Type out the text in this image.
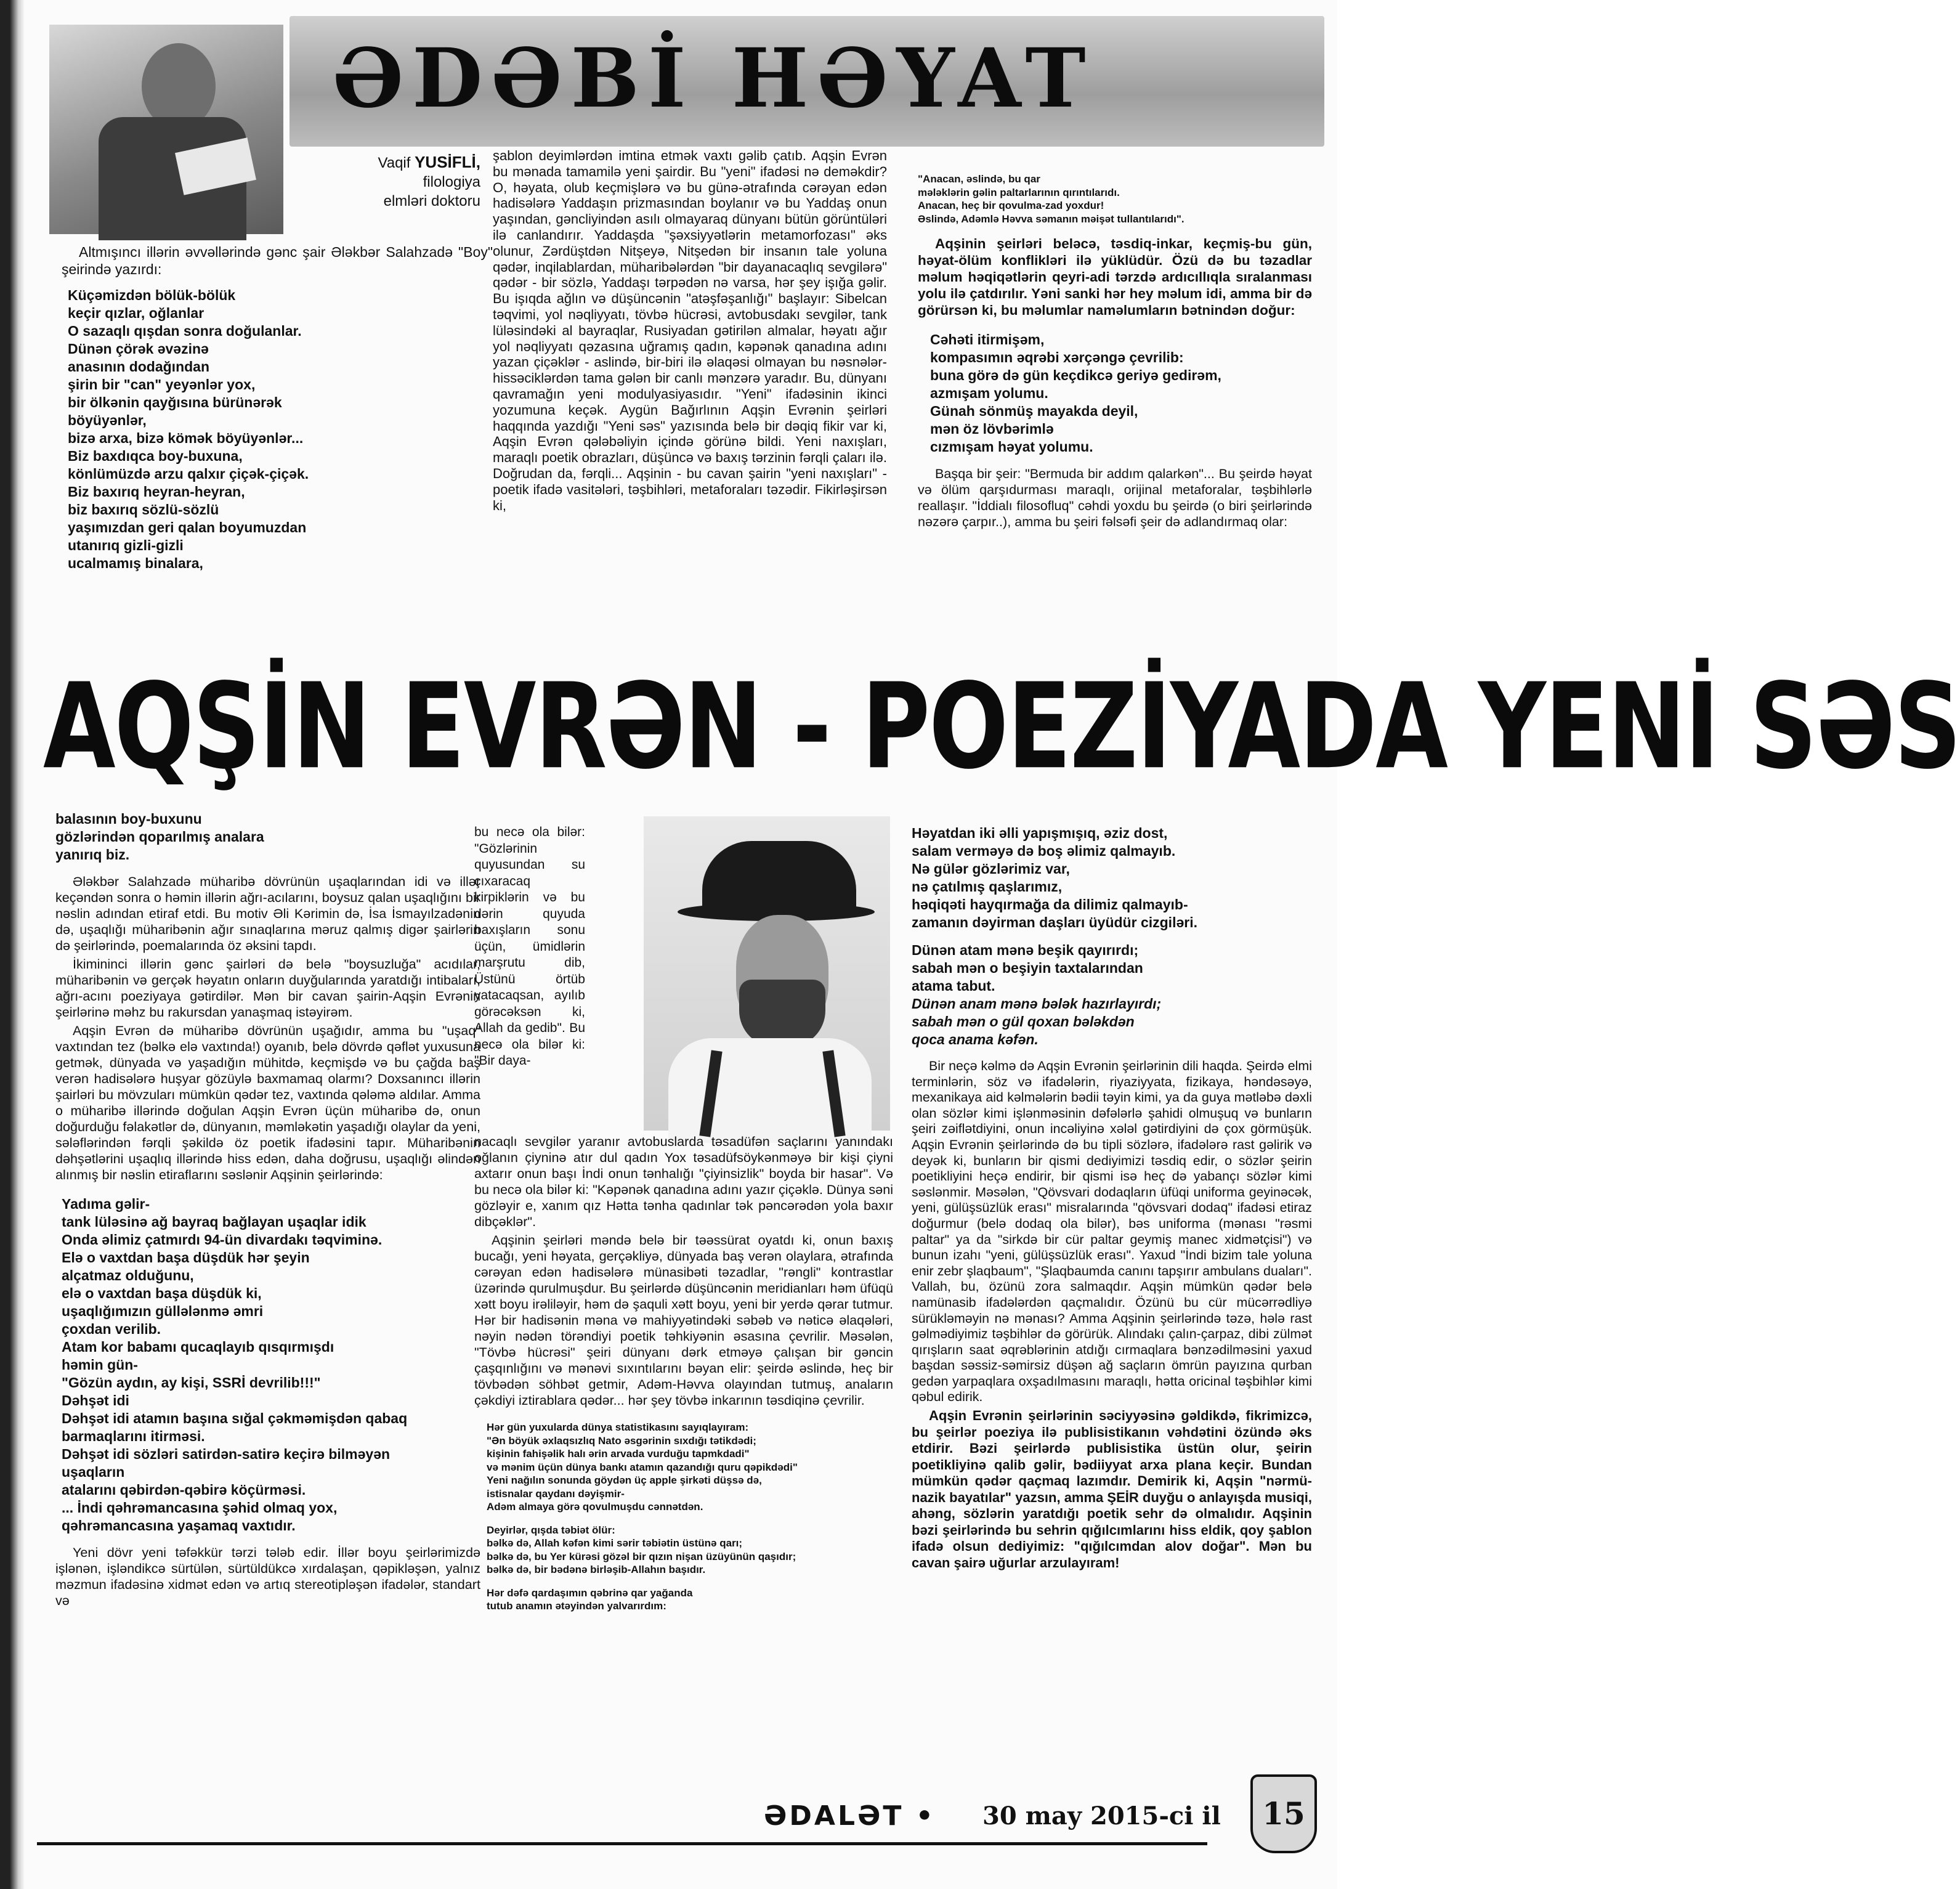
f
z
ə
v
-
l
-
n
i
-
i
J
ƏDƏBİ HƏYAT
Vaqif YUSİFLİ,
filologiya
elmləri doktoru

Altmışıncı illərin əvvəllərində gənc şair Ələkbər Salahzadə "Boy" şeirində yazırdı:

Küçəmizdən bölük-bölük

keçir qızlar, oğlanlar

O sazaqlı qışdan sonra doğulanlar.

Dünən çörək əvəzinə

anasının dodağından

şirin bir "can" yeyənlər yox,

bir ölkənin qayğısına bürünərək

böyüyənlər,

bizə arxa, bizə kömək böyüyənlər...

Biz baxdıqca boy-buxuna,

könlümüzdə arzu qalxır çiçək-çiçək.

Biz baxırıq heyran-heyran,

biz baxırıq sözlü-sözlü

yaşımızdan geri qalan boyumuzdan

utanırıq gizli-gizli

ucalmamış binalara,

şablon deyimlərdən imtina etmək vaxtı gəlib çatıb. Aqşin Evrən bu mənada tamamilə yeni şairdir. Bu "yeni" ifadəsi nə deməkdir? O, həyata, olub keçmişlərə və bu günə-ətrafında cərəyan edən hadisələrə Yaddaşın prizmasından boylanır və bu Yaddaş onun yaşından, gəncliyindən asılı olmayaraq dünyanı bütün görüntüləri ilə canlandırır. Yaddaşda "şəxsiyyətlərin metamorfozası" əks olunur, Zərdüştdən Nitşeyə, Nitşedən bir insanın tale yoluna qədər, inqilablardan, müharibələrdən "bir dayanacaqlıq sevgilərə" qədər - bir sözlə, Yaddaşı tərpədən nə varsa, hər şey işığa gəlir. Bu işıqda ağlın və düşüncənin "atəşfəşanlığı" başlayır: Sibelcan təqvimi, yol nəqliyyatı, tövbə hücrəsi, avtobusdakı sevgilər, tank lüləsindəki al bayraqlar, Rusiyadan gətirilən almalar, həyatı ağır yol nəqliyyatı qəzasına uğramış qadın, kəpənək qanadına adını yazan çiçəklər - aslində, bir-biri ilə əlaqəsi olmayan bu nəsnələr-hissəciklərdən tama gələn bir canlı mənzərə yaradır. Bu, dünyanı qavramağın yeni modulyasiyasıdır. "Yeni" ifadəsinin ikinci yozumuna keçək. Aygün Bağırlının Aqşin Evrənin şeirləri haqqında yazdığı "Yeni səs" yazısında belə bir dəqiq fikir var ki, Aqşin Evrən qələbəliyin içində görünə bildi. Yeni naxışları, maraqlı poetik obrazları, düşüncə və baxış tərzinin fərqli çaları ilə. Doğrudan da, fərqli... Aqşinin - bu cavan şairin "yeni naxışları" - poetik ifadə vasitələri, təşbihləri, metaforaları təzədir. Fikirləşirsən ki,

"Anacan, əslində, bu qar

mələklərin gəlin paltarlarının qırıntılarıdı.

Anacan, heç bir qovulma-zad yoxdur!

Əslində, Adəmlə Həvva səmanın məişət tullantılarıdı".

Aqşinin şeirləri beləcə, təsdiq-inkar, keçmiş-bu gün, həyat-ölüm konflikləri ilə yüklüdür. Özü də bu təzadlar məlum həqiqətlərin qeyri-adi tərzdə ardıcıllıqla sıralanması yolu ilə çatdırılır. Yəni sanki hər hey məlum idi, amma bir də görürsən ki, bu məlumlar naməlumların bətnindən doğur:

Cəhəti itirmişəm,

kompasımın əqrəbi xərçəngə çevrilib:

buna görə də gün keçdikcə geriyə gedirəm,

azmışam yolumu.

Günah sönmüş mayakda deyil,

mən öz lövbərimlə

cızmışam həyat yolumu.

Başqa bir şeir: "Bermuda bir addım qalarkən"... Bu şeirdə həyat və ölüm qarşıdurması maraqlı, orijinal metaforalar, təşbihlərlə reallaşır. "İddialı filosofluq" cəhdi yoxdu bu şeirdə (o biri şeirlərində nəzərə çarpır..), amma bu şeiri fəlsəfi şeir də adlandırmaq olar:

AQŞİN EVRƏN - POEZİYADA YENİ SƏS

balasının boy-buxunu

gözlərindən qoparılmış analara

yanırıq biz.

Ələkbər Salahzadə müharibə dövrünün uşaqlarından idi və illər keçəndən sonra o həmin illərin ağrı-acılarını, boysuz qalan uşaqlığını bir nəslin adından etiraf etdi. Bu motiv Əli Kərimin də, İsa İsmayılzadənin də, uşaqlığı müharibənin ağır sınaqlarına məruz qalmış digər şairlərin də şeirlərində, poemalarında öz əksini tapdı.

İkimininci illərin gənc şairləri də belə "boysuzluğa" acıdılar, müharibənin və gerçək həyatın onların duyğularında yaratdığı intibaları, ağrı-acını poeziyaya gətirdilər. Mən bir cavan şairin-Aqşin Evrənin şeirlərinə məhz bu rakursdan yanaşmaq istəyirəm.

Aqşin Evrən də müharibə dövrünün uşağıdır, amma bu "uşaq" vaxtından tez (bəlkə elə vaxtında!) oyanıb, belə dövrdə qəflət yuxusuna getmək, dünyada və yaşadığın mühitdə, keçmişdə və bu çağda baş verən hadisələrə huşyar gözüylə baxmamaq olarmı? Doxsanıncı illərin şairləri bu mövzuları mümkün qədər tez, vaxtında qələmə aldılar. Amma o müharibə illərində doğulan Aqşin Evrən üçün müharibə də, onun doğurduğu fəlakətlər də, dünyanın, məmləkətin yaşadığı olaylar da yeni, sələflərindən fərqli şəkildə öz poetik ifadəsini tapır. Müharibənin dəhşətlərini uşaqlıq illərində hiss edən, daha doğrusu, uşaqlığı əlindən alınmış bir nəslin etiraflarını səslənir Aqşinin şeirlərində:

Yadıma gəlir-

tank lüləsinə ağ bayraq bağlayan uşaqlar idik

Onda əlimiz çatmırdı 94-ün divardakı təqviminə.

Elə o vaxtdan başa düşdük hər şeyin

alçatmaz olduğunu,

elə o vaxtdan başa düşdük ki,

uşaqlığımızın güllələnmə əmri

çoxdan verilib.

Atam kor babamı qucaqlayıb qısqırmışdı

həmin gün-

"Gözün aydın, ay kişi, SSRİ devrilib!!!"

Dəhşət idi

Dəhşət idi atamın başına sığal çəkməmişdən qabaq

barmaqlarını itirməsi.

Dəhşət idi sözləri satirdən-satirə keçirə bilməyən

uşaqların

atalarını qəbirdən-qəbirə köçürməsi.

... İndi qəhrəmancasına şəhid olmaq yox,

qəhrəmancasına yaşamaq vaxtıdır.

Yeni dövr yeni təfəkkür tərzi tələb edir. İllər boyu şeirlərimizdə işlənən, işləndikcə sürtülən, sürtüldükcə xırdalaşan, qəpikləşən, yalnız məzmun ifadəsinə xidmət edən və artıq stereotipləşən ifadələr, standart və

bu necə ola bilər: "Gözlərinin quyusundan su çıxaracaq kirpiklərin və bu dərin quyuda baxışların sonu üçün, ümidlərin marşrutu dib, Üstünü örtüb yatacaqsan, ayılıb görəcəksən ki, Allah da gedib". Bu necə ola bilər ki: "Bir daya-

nacaqlı sevgilər yaranır avtobuslarda təsadüfən saçlarını yanındakı oğlanın çiyninə atır dul qadın Yox təsadüfsöykənməyə bir kişi çiyni axtarır onun başı İndi onun tənhalığı "çiyinsizlik" boyda bir hasar". Və bu necə ola bilər ki: "Kəpənək qanadına adını yazır çiçəklə. Dünya səni gözləyir e, xanım qız Hətta tənha qadınlar tək pəncərədən yola baxır dibçəklər".

Aqşinin şeirləri məndə belə bir təəssürat oyatdı ki, onun baxış bucağı, yeni həyata, gerçəkliyə, dünyada baş verən olaylara, ətrafında cərəyan edən hadisələrə münasibəti təzadlar, "rəngli" kontrastlar üzərində qurulmuşdur. Bu şeirlərdə düşüncənin meridianları həm üfüqü xətt boyu irəliləyir, həm də şaquli xətt boyu, yeni bir yerdə qərar tutmur. Hər bir hadisənin məna və mahiyyətindəki səbəb və nəticə əlaqələri, nəyin nədən törəndiyi poetik təhkiyənin əsasına çevrilir. Məsələn, "Tövbə hücrəsi" şeiri dünyanı dərk etməyə çalışan bir gəncin çaşqınlığını və mənəvi sıxıntılarını bəyan elir: şeirdə əslində, heç bir tövbədən söhbət getmir, Adəm-Həvva olayından tutmuş, anaların çəkdiyi iztirablara qədər... hər şey tövbə inkarının təsdiqinə çevrilir.

Hər gün yuxularda dünya statistikasını sayıqlayıram:

"Ən böyük əxlaqsızlıq Nato əsgərinin sıxdığı tətikdədi;

kişinin fahişəlik halı ərin arvada vurduğu tapmkdadi"

və mənim üçün dünya bankı atamın qazandığı quru qəpikdədi"

Yeni nağılın sonunda göydən üç apple şirkəti düşsə də,

istisnalar qaydanı dəyişmir-

Adəm almaya görə qovulmuşdu cənnətdən.

Deyirlər, qışda təbiət ölür:

bəlkə də, Allah kəfən kimi sərir təbiətin üstünə qarı;

bəlkə də, bu Yer kürəsi gözəl bir qızın nişan üzüyünün qaşıdır;

bəlkə də, bir bədənə birləşib-Allahın başıdır.

Hər dəfə qardaşımın qəbrinə qar yağanda

tutub anamın ətəyindən yalvarırdım:

Həyatdan iki əlli yapışmışıq, əziz dost,

salam verməyə də boş əlimiz qalmayıb.

Nə gülər gözlərimiz var,

nə çatılmış qaşlarımız,

həqiqəti hayqırmağa da dilimiz qalmayıb-

zamanın dəyirman daşları üyüdür cizgiləri.

Dünən atam mənə beşik qayırırdı;

sabah mən o beşiyin taxtalarından

atama tabut.

Dünən anam mənə bələk hazırlayırdı;

sabah mən o gül qoxan bələkdən

qoca anama kəfən.

Bir neçə kəlmə də Aqşin Evrənin şeirlərinin dili haqda. Şeirdə elmi terminlərin, söz və ifadələrin, riyaziyyata, fizikaya, həndəsəyə, mexanikaya aid kəlmələrin bədii təyin kimi, ya da guya mətləbə dəxli olan sözlər kimi işlənməsinin dəfələrlə şahidi olmuşuq və bunların şeiri zəiflətdiyini, onun incəliyinə xələl gətirdiyini də çox görmüşük. Aqşin Evrənin şeirlərində də bu tipli sözlərə, ifadələrə rast gəlirik və deyək ki, bunların bir qismi dediyimizi təsdiq edir, o sözlər şeirin poetikliyini heçə endirir, bir qismi isə heç də yabançı sözlər kimi səslənmir. Məsələn, "Qövsvari dodaqların üfüqi uniforma geyinəcək, yeni, gülüşsüzlük erası" misralarında "qövsvari dodaq" ifadəsi etiraz doğurmur (belə dodaq ola bilər), bəs uniforma (mənası "rəsmi paltar" ya da "sirkdə bir cür paltar geymiş manec xidmətçisi") və bunun izahı "yeni, gülüşsüzlük erası". Yaxud "İndi bizim tale yoluna enir zebr şlaqbaum", "Şlaqbaumda canını tapşırır ambulans duaları". Vallah, bu, özünü zora salmaqdır. Aqşin mümkün qədər belə namünasib ifadələrdən qaçmalıdır. Özünü bu cür mücərrədliyə sürükləməyin nə mənası? Amma Aqşinin şeirlərində təzə, hələ rast gəlmədiyimiz təşbihlər də görürük. Alındakı çalın-çarpaz, dibi zülmət qırışların saat əqrəblərinin atdığı cırmaqlara bənzədilməsini yaxud başdan səssiz-səmirsiz düşən ağ saçların ömrün payızına qurban gedən yarpaqlara oxşadılmasını maraqlı, hətta oricinal təşbihlər kimi qəbul edirik.

Aqşin Evrənin şeirlərinin səciyyəsinə gəldikdə, fikrimizcə, bu şeirlər poeziya ilə publisistikanın vəhdətini özündə əks etdirir. Bəzi şeirlərdə publisistika üstün olur, şeirin poetikliyinə qalib gəlir, bədiiyyat arxa plana keçir. Bundan mümkün qədər qaçmaq lazımdır. Demirik ki, Aqşin "nərmü-nazik bayatılar" yazsın, amma ŞEİR duyğu o anlayışda musiqi, ahəng, sözlərin yaratdığı poetik sehr də olmalıdır. Aqşinin bəzi şeirlərində bu sehrin qığılcımlarını hiss eldik, qoy şablon ifadə olsun dediyimiz: "qığılcımdan alov doğar". Mən bu cavan şairə uğurlar arzulayıram!

ƏDALƏT • 30 may 2015-ci il	15
